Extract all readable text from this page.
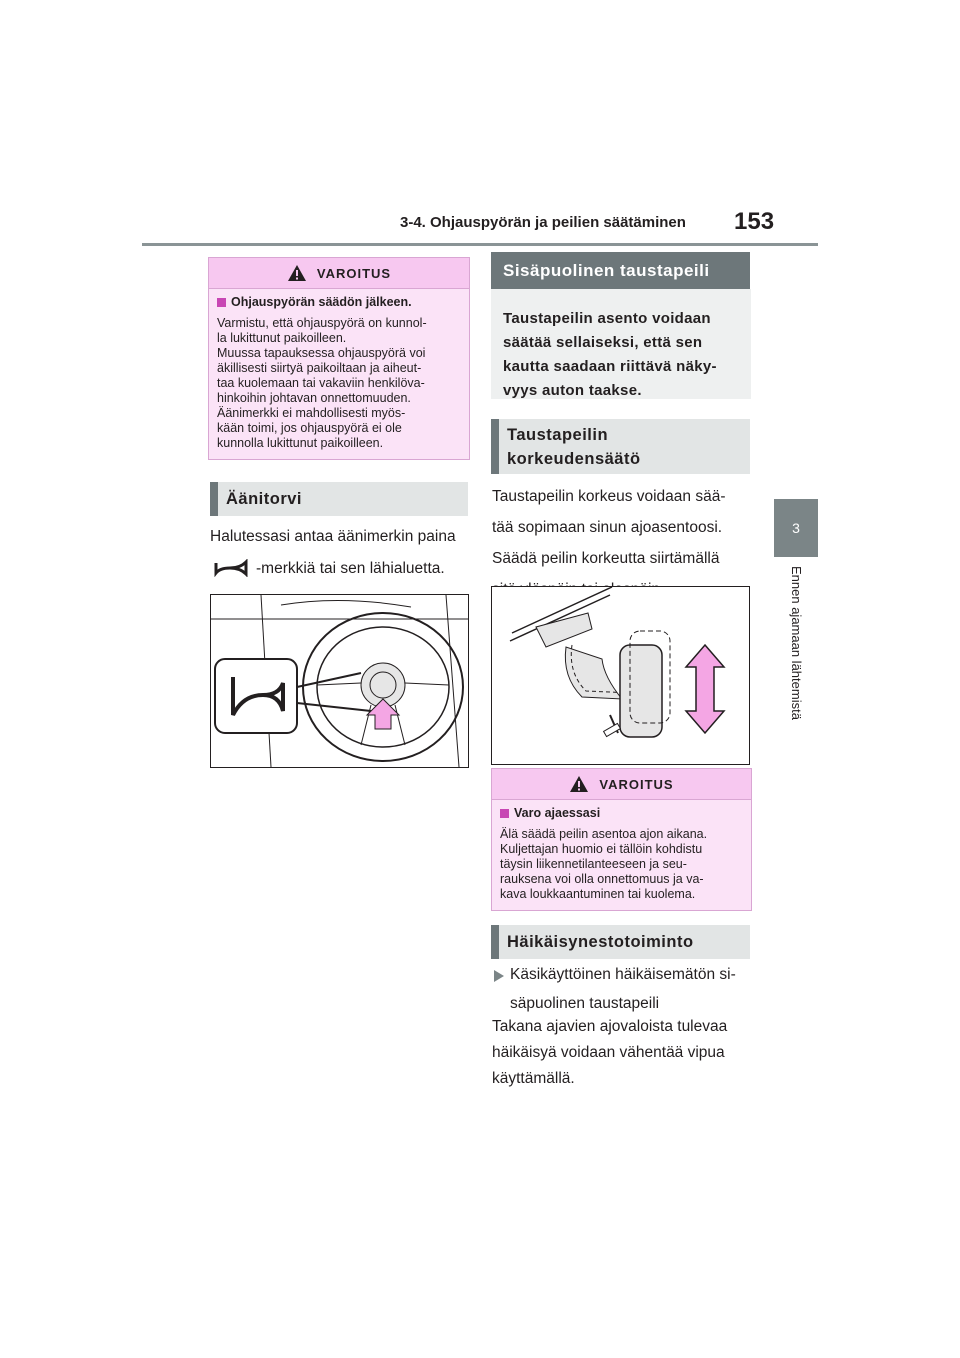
3-4. Ohjauspyörän ja peilien säätäminen 153
3
Ennen ajamaan lähtemistä
VAROITUS
Ohjauspyörän säädön jälkeen.
Varmistu, että ohjauspyörä on kunnol-
la lukittunut paikoilleen.
Muussa tapauksessa ohjauspyörä voi
äkillisesti siirtyä paikoiltaan ja aiheut-
taa kuolemaan tai vakaviin henkilöva-
hinkoihin johtavan onnettomuuden.
Äänimerkki ei mahdollisesti myös-
kään toimi, jos ohjauspyörä ei ole
kunnolla lukittunut paikoilleen.
Äänitorvi
Halutessasi antaa äänimerkin paina
-merkkiä tai sen lähialuetta.
Sisäpuolinen taustapeili
Taustapeilin asento voidaan
säätää sellaiseksi, että sen
kautta saadaan riittävä näky-
vyys auton taakse.
Taustapeilin
korkeudensäätö
Taustapeilin korkeus voidaan sää-
tää sopimaan sinun ajoasentoosi.
Säädä peilin korkeutta siirtämällä
VAROITUS
Varo ajaessasi
Älä säädä peilin asentoa ajon aikana.
Kuljettajan huomio ei tällöin kohdistu
täysin liikennetilanteeseen ja seu-
rauksena voi olla onnettomuus ja va-
kava loukkaantuminen tai kuolema.
Häikäisynestotoiminto
Käsikäyttöinen häikäisemätön si-
säpuolinen taustapeili
Takana ajavien ajovaloista tulevaa
häikäisyä voidaan vähentää vipua
käyttämällä.
